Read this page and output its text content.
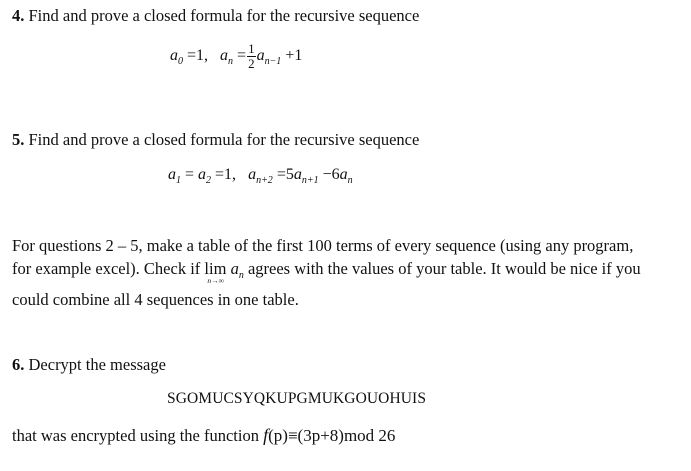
4. Find and prove a closed formula for the recursive sequence
$a_0 =1$, $a_n = \frac{1}{2} a_{n-1} +1$
5. Find and prove a closed formula for the recursive sequence
$a_1 = a_2 =1$, $a_{n+2} =5a_{n+1} -6a_n$
For questions 2 – 5, make a table of the first 100 terms of every sequence (using any program,
for example excel). Check if lim
n→∞
$a_n$ agrees with the values of your table. It would be nice if you
could combine all 4 sequences in one table.
6. Decrypt the message
SGOMUCSYQKUPGMUKGOUOHUIS
that was encrypted using the function f(p)≡(3p+8)mod 26
